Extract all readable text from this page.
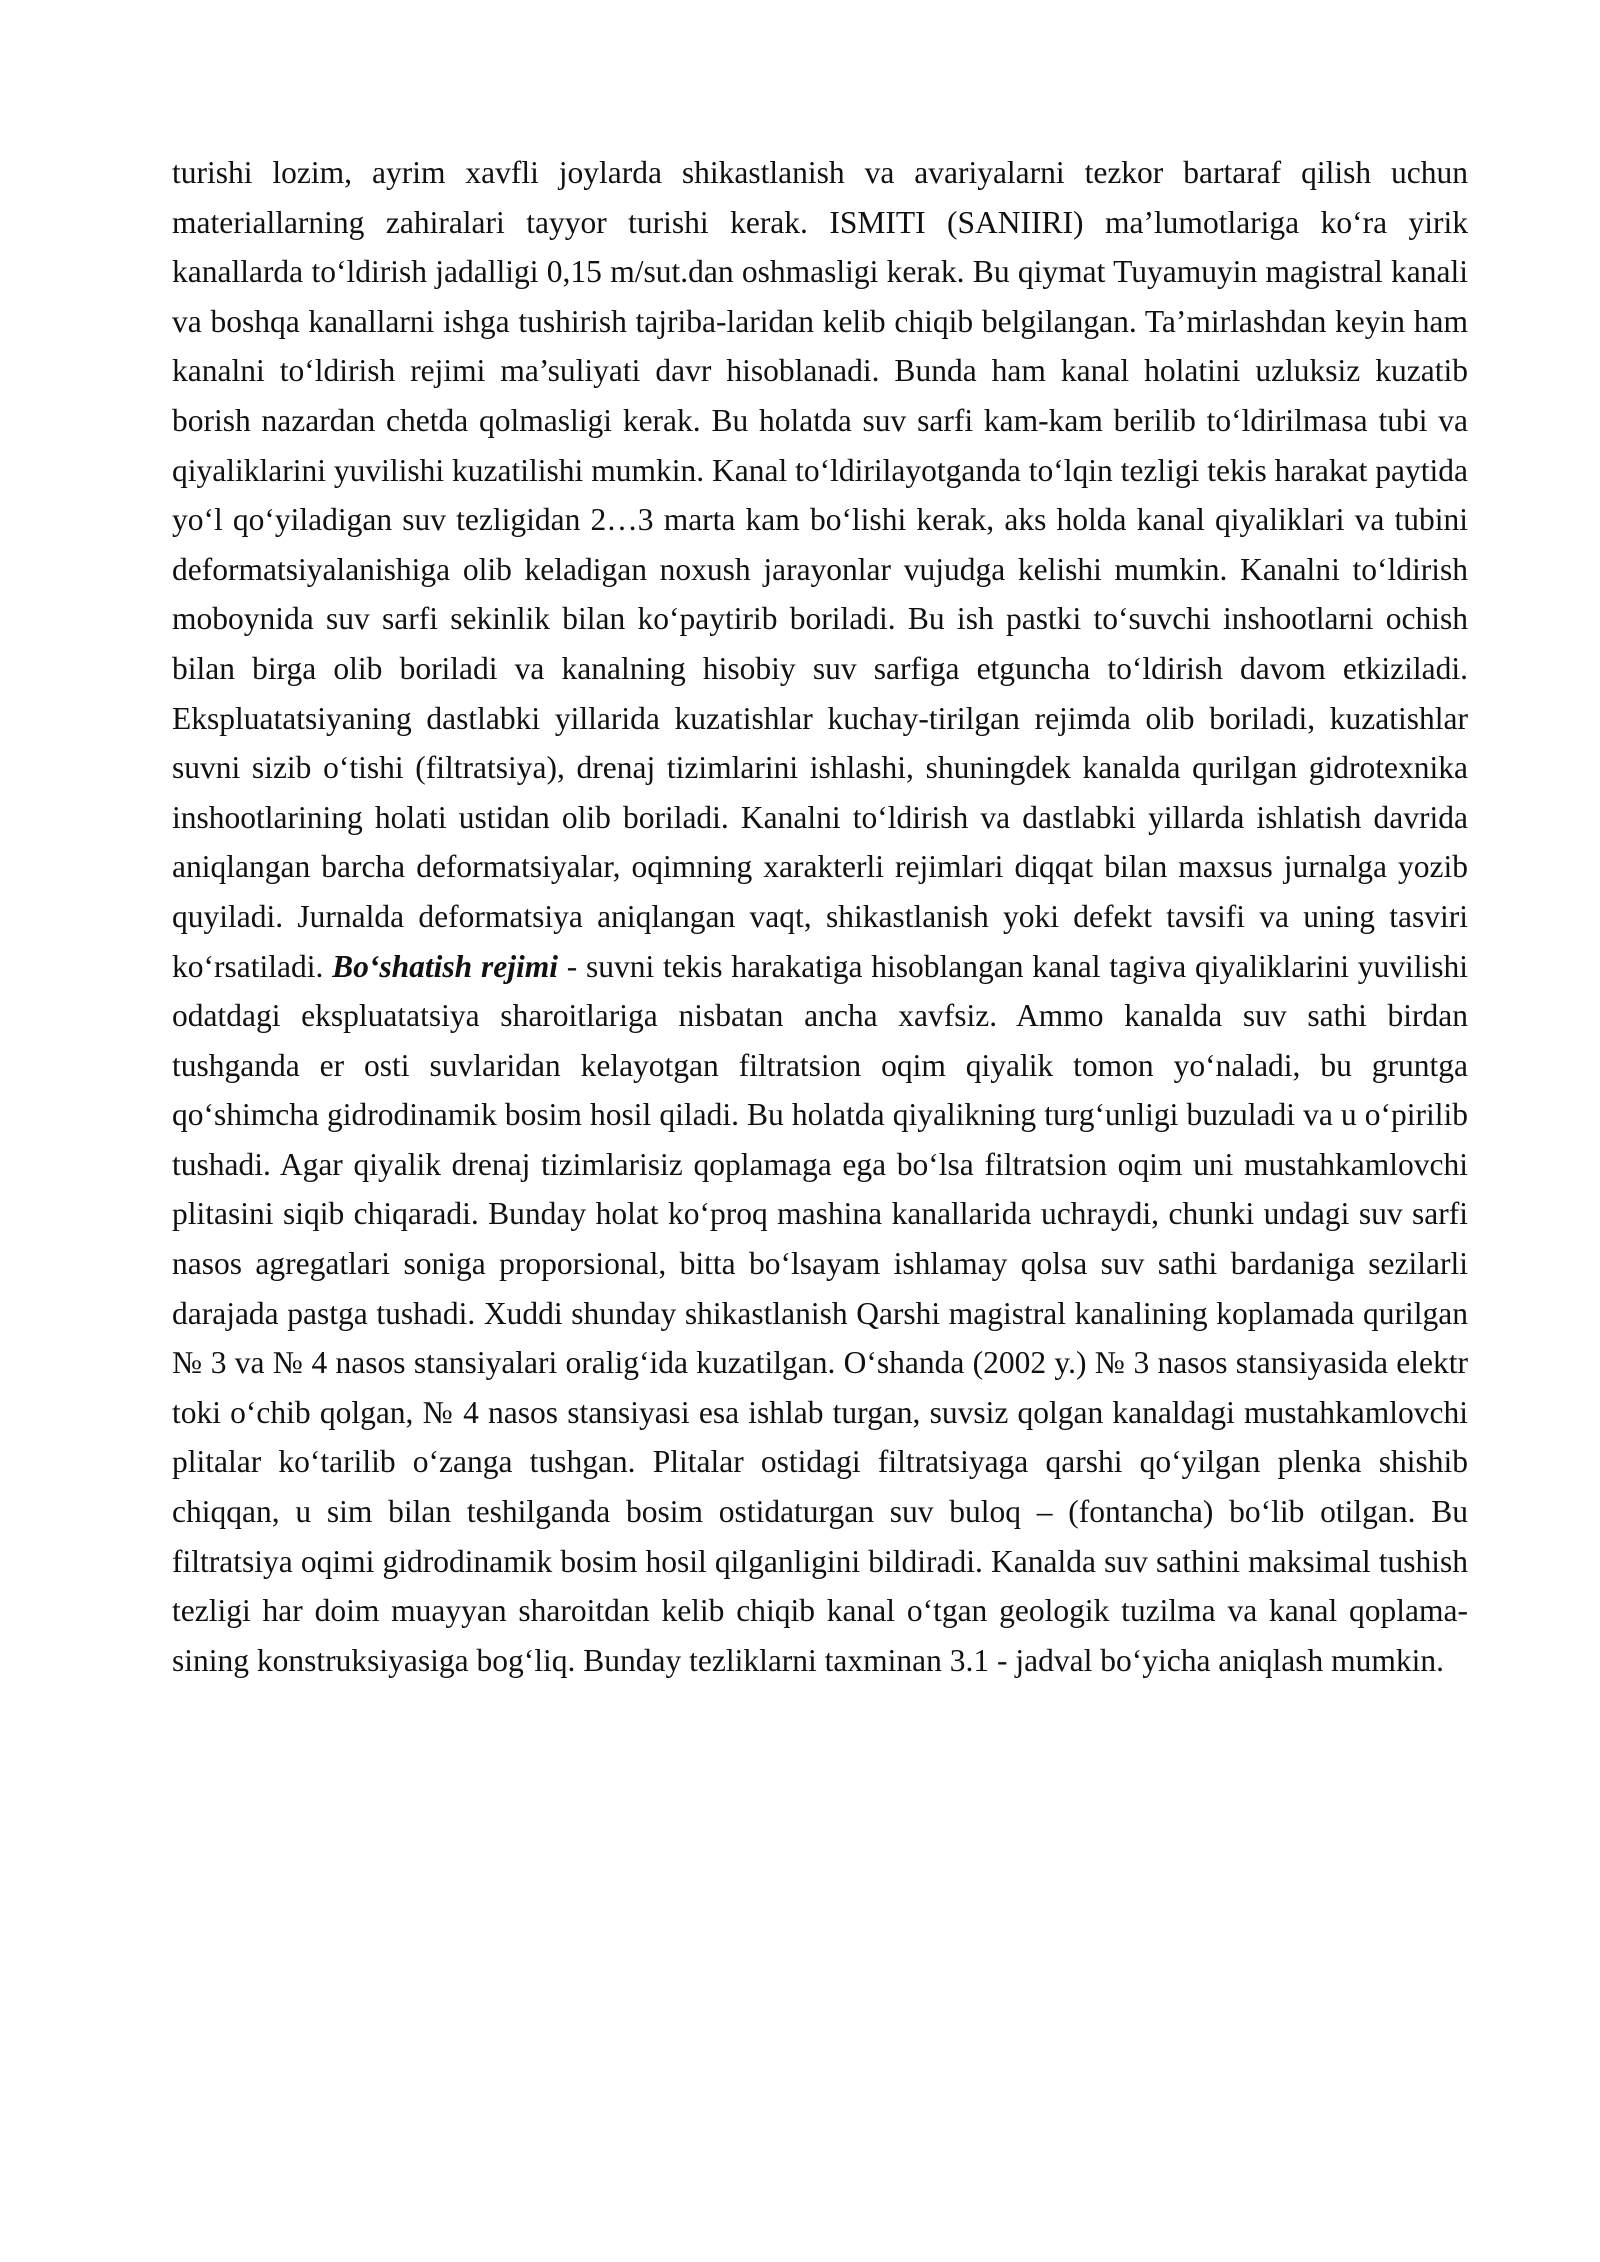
turishi lozim, ayrim xavfli joylarda shikastlanish va avariyalarni tezkor bartaraf qilish uchun materiallarning zahiralari tayyor turishi kerak. ISMITI (SANIIRI) ma’lumotlariga ko‘ra yirik kanallarda to‘ldirish jadalligi 0,15 m/sut.dan oshmasligi kerak. Bu qiymat Tuyamuyin magistral kanali va boshqa kanallarni ishga tushirish tajriba-laridan kelib chiqib belgilangan. Ta’mirlashdan keyin ham kanalni to‘ldirish rejimi ma’suliyati davr hisoblanadi. Bunda ham kanal holatini uzluksiz kuzatib borish nazardan chetda qolmasligi kerak. Bu holatda suv sarfi kam-kam berilib to‘ldirilmasa tubi va qiyaliklarini yuvilishi kuzatilishi mumkin. Kanal to‘ldirilayotganda to‘lqin tezligi tekis harakat paytida yo‘l qo‘yiladigan suv tezligidan 2…3 marta kam bo‘lishi kerak, aks holda kanal qiyaliklari va tubini deformatsiyalanishiga olib keladigan noxush jarayonlar vujudga kelishi mumkin. Kanalni to‘ldirish moboynida suv sarfi sekinlik bilan ko‘paytirib boriladi. Bu ish pastki to‘suvchi inshootlarni ochish bilan birga olib boriladi va kanalning hisobiy suv sarfiga etguncha to‘ldirish davom etkiziladi. Ekspluatatsiyaning dastlabki yillarida kuzatishlar kuchay-tirilgan rejimda olib boriladi, kuzatishlar suvni sizib o‘tishi (filtratsiya), drenaj tizimlarini ishlashi, shuningdek kanalda qurilgan gidrotexnika inshootlarining holati ustidan olib boriladi. Kanalni to‘ldirish va dastlabki yillarda ishlatish davrida aniqlangan barcha deformatsiyalar, oqimning xarakterli rejimlari diqqat bilan maxsus jurnalga yozib quyiladi. Jurnalda deformatsiya aniqlangan vaqt, shikastlanish yoki defekt tavsifi va uning tasviri ko‘rsatiladi. Bo‘shatish rejimi - suvni tekis harakatiga hisoblangan kanal tagiva qiyaliklarini yuvilishi odatdagi ekspluatatsiya sharoitlariga nisbatan ancha xavfsiz. Ammo kanalda suv sathi birdan tushganda er osti suvlaridan kelayotgan filtratsion oqim qiyalik tomon yo‘naladi, bu gruntga qo‘shimcha gidrodinamik bosim hosil qiladi. Bu holatda qiyalikning turg‘unligi buzuladi va u o‘pirilib tushadi. Agar qiyalik drenaj tizimlarisiz qoplamaga ega bo‘lsa filtratsion oqim uni mustahkamlovchi plitasini siqib chiqaradi. Bunday holat ko‘proq mashina kanallarida uchraydi, chunki undagi suv sarfi nasos agregatlari soniga proporsional, bitta bo‘lsayam ishlamay qolsa suv sathi bardaniga sezilarli darajada pastga tushadi. Xuddi shunday shikastlanish Qarshi magistral kanalining koplamada qurilgan № 3 va № 4 nasos stansiyalari oralig‘ida kuzatilgan. O‘shanda (2002 y.) № 3 nasos stansiyasida elektr toki o‘chib qolgan, № 4 nasos stansiyasi esa ishlab turgan, suvsiz qolgan kanaldagi mustahkamlovchi plitalar ko‘tarilib o‘zanga tushgan. Plitalar ostidagi filtratsiyaga qarshi qo‘yilgan plenka shishib chiqqan, u sim bilan teshilganda bosim ostidaturgan suv buloq – (fontancha) bo‘lib otilgan. Bu filtratsiya oqimi gidrodinamik bosim hosil qilganligini bildiradi. Kanalda suv sathini maksimal tushish tezligi har doim muayyan sharoitdan kelib chiqib kanal o‘tgan geologik tuzilma va kanal qoplama-sining konstruksiyasiga bog‘liq. Bunday tezliklarni taxminan 3.1 - jadval bo‘yicha aniqlash mumkin.
